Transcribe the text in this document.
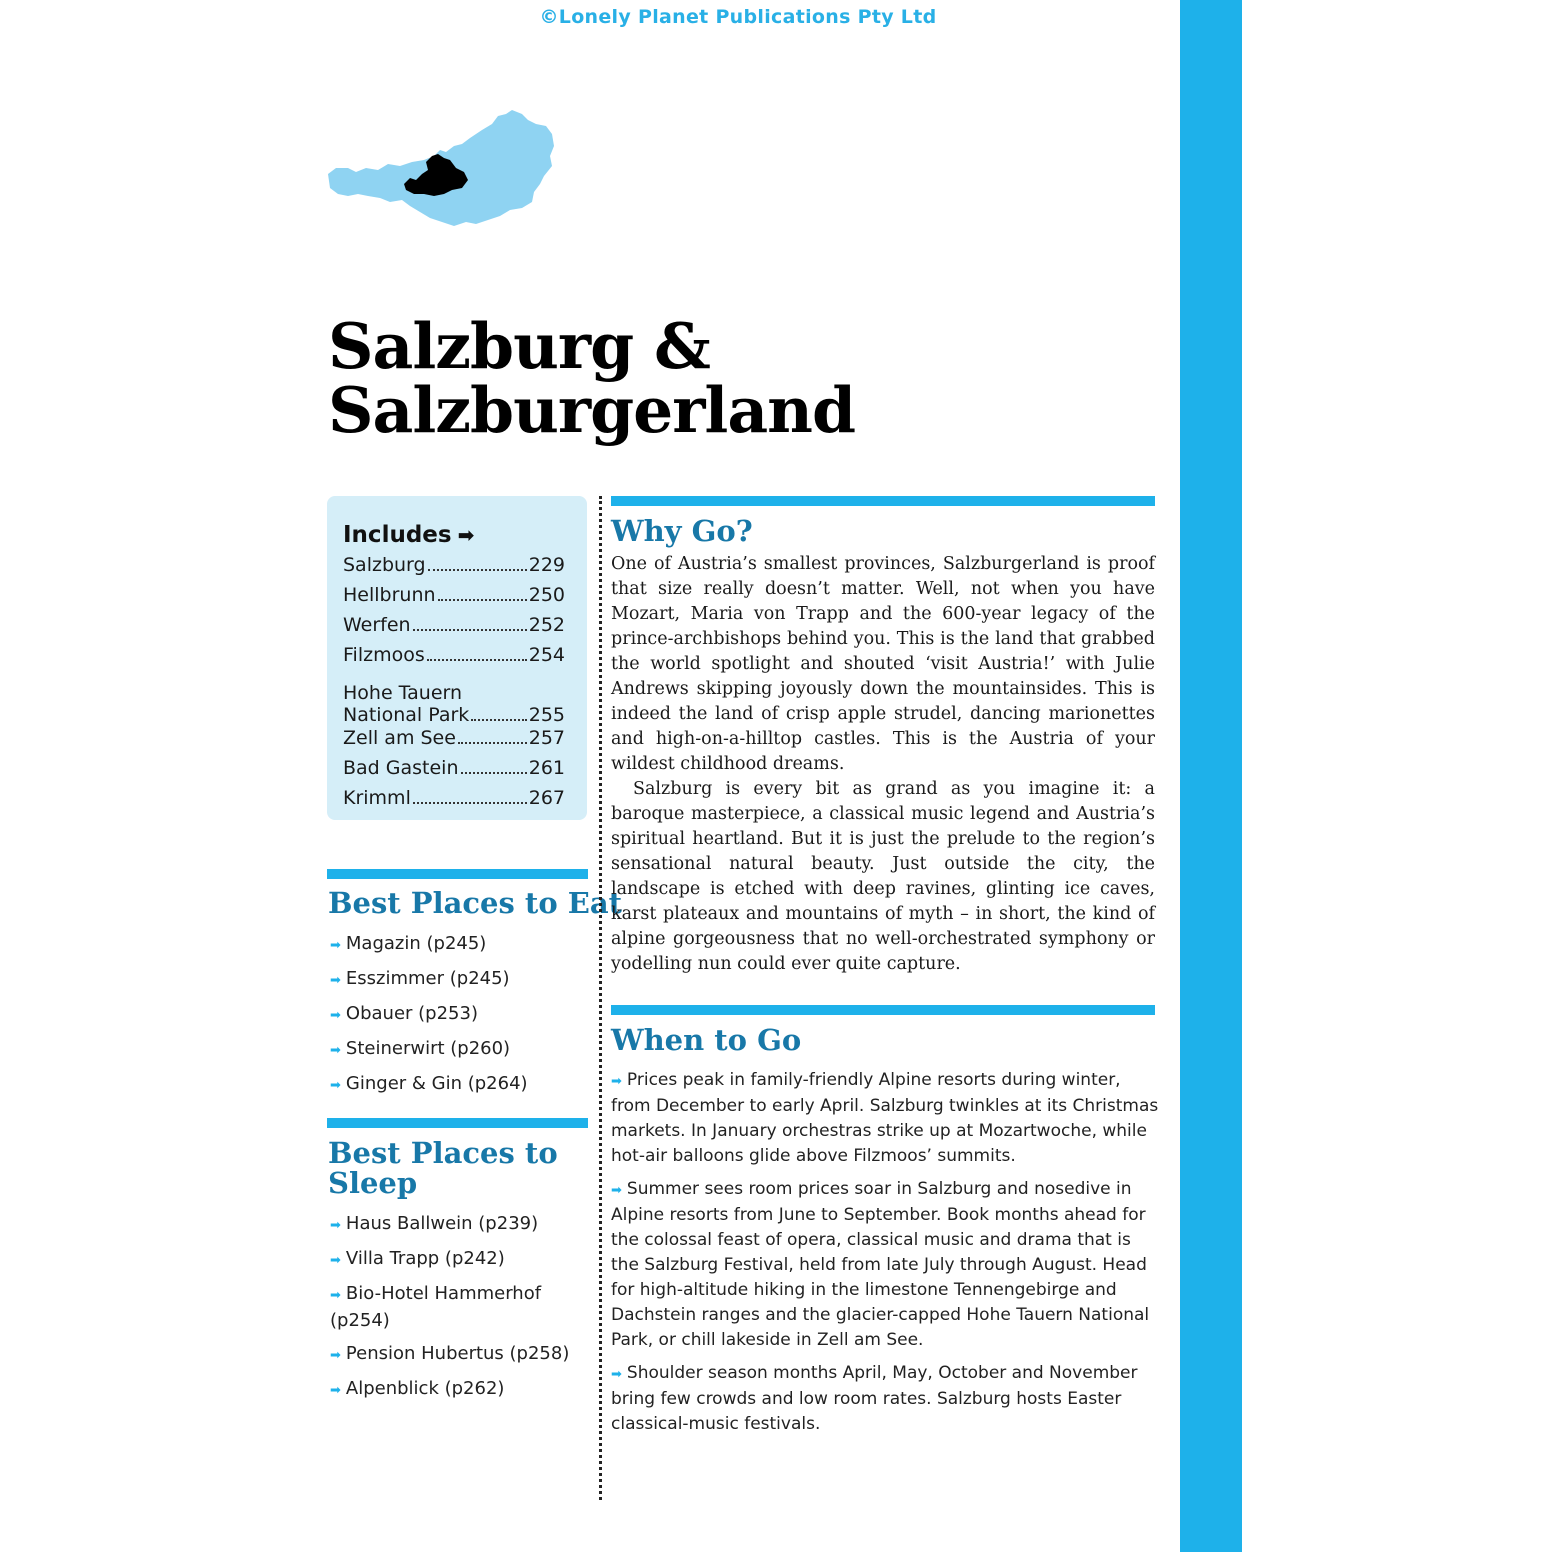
©Lonely Planet Publications Pty Ltd
Salzburg &
Salzburgerland
Includes ➡
Salzburg	229
Hellbrunn	250
Werfen	252
Filzmoos	254
Hohe Tauern
National Park	255
Zell am See	257
Bad Gastein	261
Krimml	267
Best Places to Eat
➡ Magazin (p245)
➡ Esszimmer (p245)
➡ Obauer (p253)
➡ Steinerwirt (p260)
➡ Ginger & Gin (p264)
Best Places to
Sleep
➡ Haus Ballwein (p239)
➡ Villa Trapp (p242)
➡ Bio-Hotel Hammerhof (p254)
➡ Pension Hubertus (p258)
➡ Alpenblick (p262)
Why Go?

One of Austria’s smallest provinces, Salzburgerland is proof that size really doesn’t matter. Well, not when you have Mozart, Maria von Trapp and the 600-year legacy of the prince-archbishops behind you. This is the land that grabbed the world spotlight and shouted ‘visit Austria!’ with Julie Andrews skipping joyously down the mountainsides. This is indeed the land of crisp apple strudel, dancing marionettes and high-on-a-hilltop castles. This is the Austria of your wildest childhood dreams.

Salzburg is every bit as grand as you imagine it: a baroque masterpiece, a classical music legend and Austria’s spiritual heartland. But it is just the prelude to the region’s sensational natural beauty. Just outside the city, the landscape is etched with deep ravines, glinting ice caves, karst plateaux and mountains of myth – in short, the kind of alpine gorgeousness that no well-orchestrated symphony or yodelling nun could ever quite capture.

When to Go

➡ Prices peak in family-friendly Alpine resorts during winter, from December to early April. Salzburg twinkles at its Christmas markets. In January orchestras strike up at Mozartwoche, while hot-air balloons glide above Filzmoos’ summits.

➡ Summer sees room prices soar in Salzburg and nosedive in Alpine resorts from June to September. Book months ahead for the colossal feast of opera, classical music and drama that is the Salzburg Festival, held from late July through August. Head for high-altitude hiking in the limestone Tennengebirge and Dachstein ranges and the glacier-capped Hohe Tauern National Park, or chill lakeside in Zell am See.

➡ Shoulder season months April, May, October and November bring few crowds and low room rates. Salzburg hosts Easter classical-music festivals.
